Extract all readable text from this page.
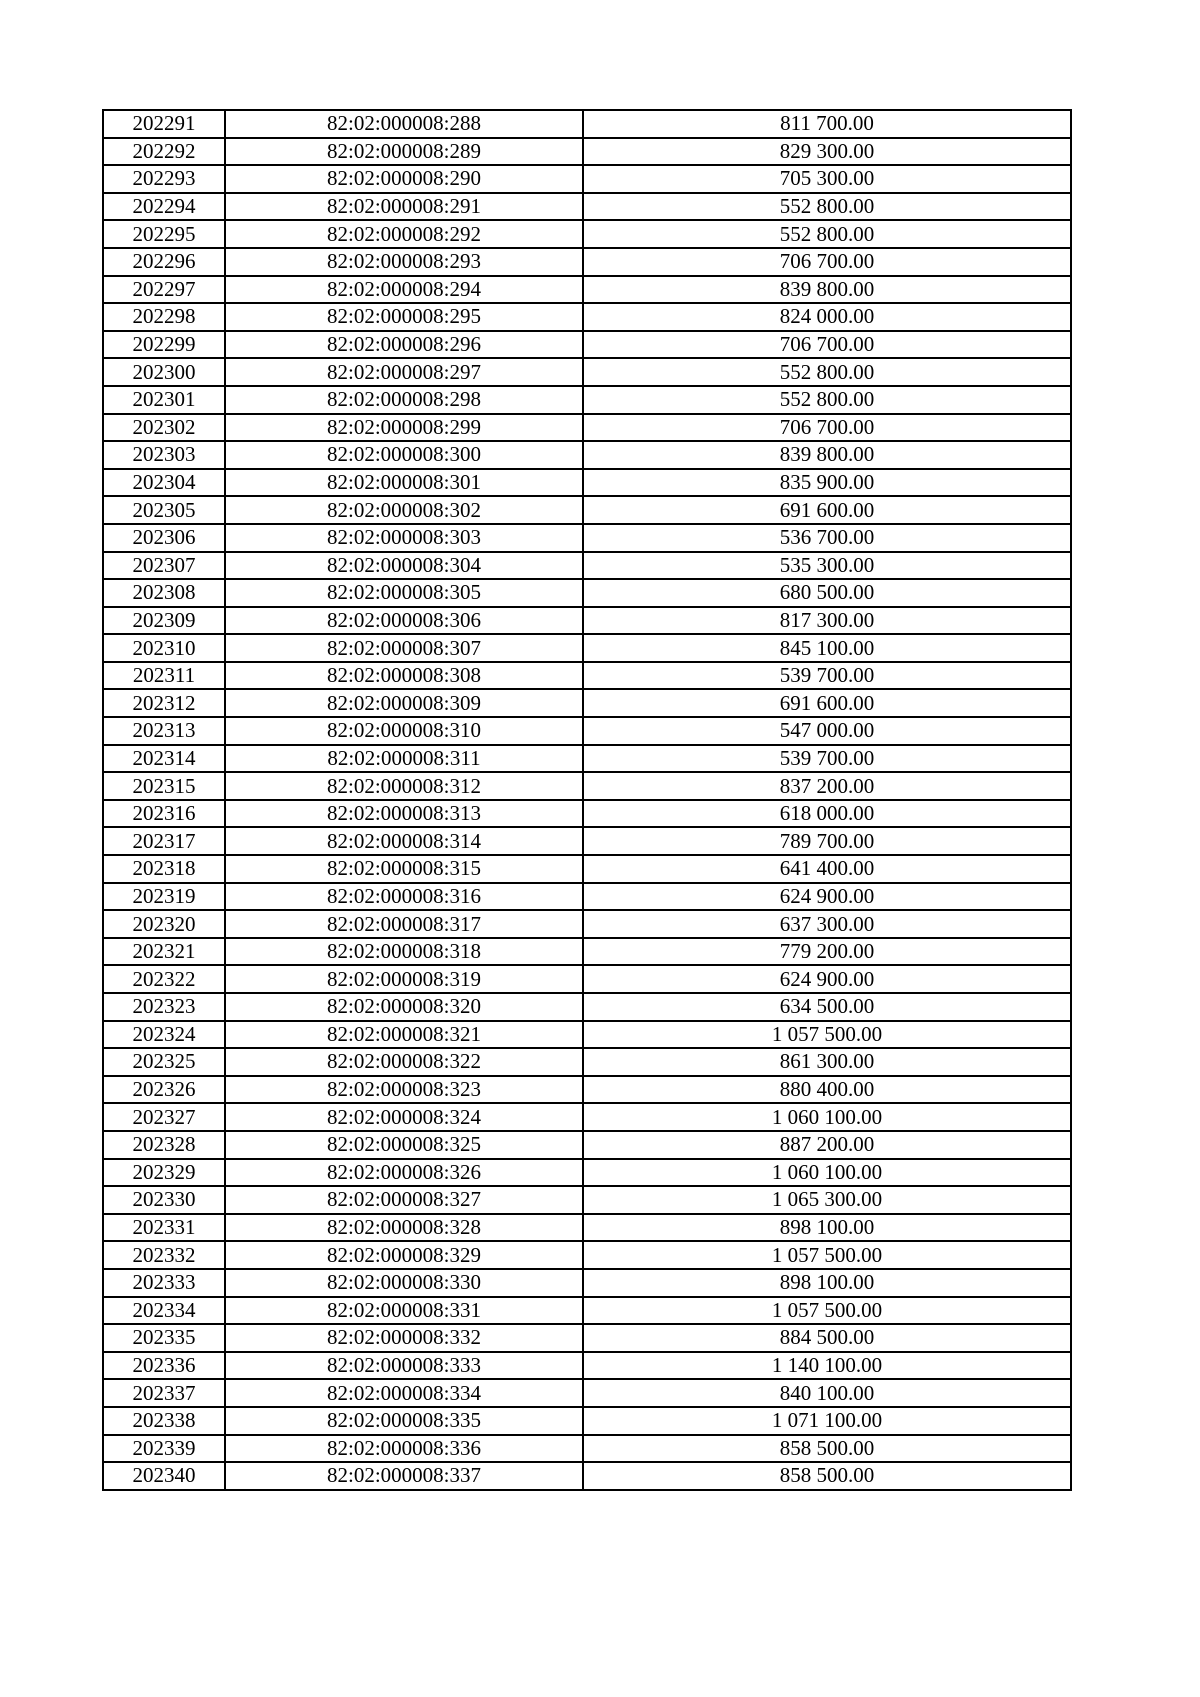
202291	82:02:000008:288	811 700.00
202292	82:02:000008:289	829 300.00
202293	82:02:000008:290	705 300.00
202294	82:02:000008:291	552 800.00
202295	82:02:000008:292	552 800.00
202296	82:02:000008:293	706 700.00
202297	82:02:000008:294	839 800.00
202298	82:02:000008:295	824 000.00
202299	82:02:000008:296	706 700.00
202300	82:02:000008:297	552 800.00
202301	82:02:000008:298	552 800.00
202302	82:02:000008:299	706 700.00
202303	82:02:000008:300	839 800.00
202304	82:02:000008:301	835 900.00
202305	82:02:000008:302	691 600.00
202306	82:02:000008:303	536 700.00
202307	82:02:000008:304	535 300.00
202308	82:02:000008:305	680 500.00
202309	82:02:000008:306	817 300.00
202310	82:02:000008:307	845 100.00
202311	82:02:000008:308	539 700.00
202312	82:02:000008:309	691 600.00
202313	82:02:000008:310	547 000.00
202314	82:02:000008:311	539 700.00
202315	82:02:000008:312	837 200.00
202316	82:02:000008:313	618 000.00
202317	82:02:000008:314	789 700.00
202318	82:02:000008:315	641 400.00
202319	82:02:000008:316	624 900.00
202320	82:02:000008:317	637 300.00
202321	82:02:000008:318	779 200.00
202322	82:02:000008:319	624 900.00
202323	82:02:000008:320	634 500.00
202324	82:02:000008:321	1 057 500.00
202325	82:02:000008:322	861 300.00
202326	82:02:000008:323	880 400.00
202327	82:02:000008:324	1 060 100.00
202328	82:02:000008:325	887 200.00
202329	82:02:000008:326	1 060 100.00
202330	82:02:000008:327	1 065 300.00
202331	82:02:000008:328	898 100.00
202332	82:02:000008:329	1 057 500.00
202333	82:02:000008:330	898 100.00
202334	82:02:000008:331	1 057 500.00
202335	82:02:000008:332	884 500.00
202336	82:02:000008:333	1 140 100.00
202337	82:02:000008:334	840 100.00
202338	82:02:000008:335	1 071 100.00
202339	82:02:000008:336	858 500.00
202340	82:02:000008:337	858 500.00
